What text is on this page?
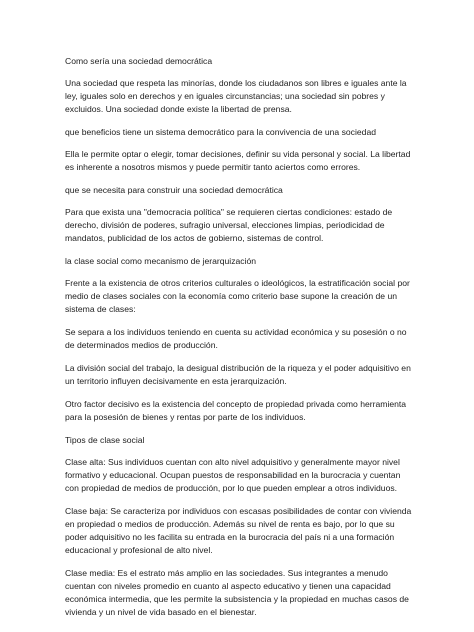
Como sería una sociedad democrática

Una sociedad que respeta las minorías, donde los ciudadanos son libres e iguales ante la ley, iguales solo en derechos y en iguales circunstancias; una sociedad sin pobres y excluidos. Una sociedad donde existe la libertad de prensa.

que beneficios tiene un sistema democrático para la convivencia de una sociedad

Ella le permite optar o elegir, tomar decisiones, definir su vida personal y social. La libertad es inherente a nosotros mismos y puede permitir tanto aciertos como errores.

que se necesita para construir una sociedad democrática

Para que exista una "democracia política" se requieren ciertas condiciones: estado de derecho, división de poderes, sufragio universal, elecciones limpias, periodicidad de mandatos, publicidad de los actos de gobierno, sistemas de control.

la clase social como mecanismo de jerarquización

Frente a la existencia de otros criterios culturales o ideológicos, la estratificación social por medio de clases sociales con la economía como criterio base supone la creación de un sistema de clases:

Se separa a los individuos teniendo en cuenta su actividad económica y su posesión o no de determinados medios de producción.

La división social del trabajo, la desigual distribución de la riqueza y el poder adquisitivo en un territorio influyen decisivamente en esta jerarquización.

Otro factor decisivo es la existencia del concepto de propiedad privada como herramienta para la posesión de bienes y rentas por parte de los individuos.

Tipos de clase social

Clase alta: Sus individuos cuentan con alto nivel adquisitivo y generalmente mayor nivel formativo y educacional. Ocupan puestos de responsabilidad en la burocracia y cuentan con propiedad de medios de producción, por lo que pueden emplear a otros individuos.

Clase baja: Se caracteriza por individuos con escasas posibilidades de contar con vivienda en propiedad o medios de producción. Además su nivel de renta es bajo, por lo que su poder adquisitivo no les facilita su entrada en la burocracia del país ni a una formación educacional y profesional de alto nivel.

Clase media: Es el estrato más amplio en las sociedades. Sus integrantes a menudo cuentan con niveles promedio en cuanto al aspecto educativo y tienen una capacidad económica intermedia, que les permite la subsistencia y la propiedad en muchas casos de vivienda y un nivel de vida basado en el bienestar.
